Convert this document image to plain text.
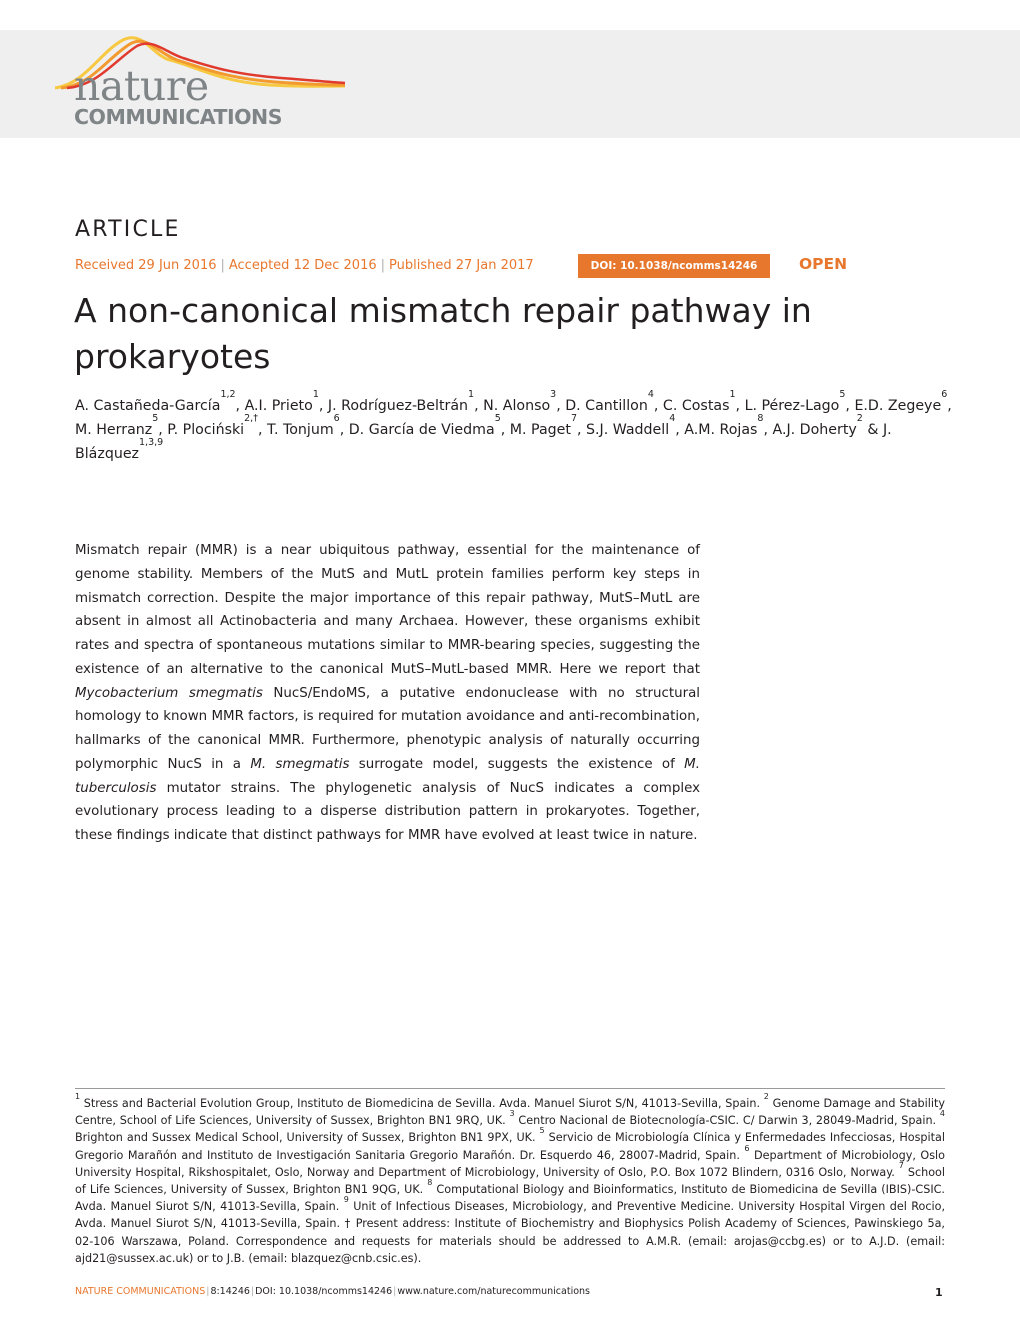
nature
COMMUNICATIONS
ARTICLE
Received 29 Jun 2016 | Accepted 12 Dec 2016 | Published 27 Jan 2017	DOI: 10.1038/ncomms14246	OPEN
A non-canonical mismatch repair pathway in prokaryotes
A. Castañeda-García$^{1,2}$, A.I. Prieto$^1$, J. Rodríguez-Beltrán$^1$, N. Alonso$^3$, D. Cantillon$^4$, C. Costas$^1$, L. Pérez-Lago$^5$, E.D. Zegeye$^6$, M. Herranz$^5$, P. Plociński$^{2,\dagger}$, T. Tonjum$^6$, D. García de Viedma$^5$, M. Paget$^7$, S.J. Waddell$^4$, A.M. Rojas$^8$, A.J. Doherty$^2$ & J. Blázquez$^{1,3,9}$

Mismatch repair (MMR) is a near ubiquitous pathway, essential for the maintenance of genome stability. Members of the MutS and MutL protein families perform key steps in mismatch correction. Despite the major importance of this repair pathway, MutS–MutL are absent in almost all Actinobacteria and many Archaea. However, these organisms exhibit rates and spectra of spontaneous mutations similar to MMR-bearing species, suggesting the existence of an alternative to the canonical MutS–MutL-based MMR. Here we report that Mycobacterium smegmatis NucS/EndoMS, a putative endonuclease with no structural homology to known MMR factors, is required for mutation avoidance and anti-recombination, hallmarks of the canonical MMR. Furthermore, phenotypic analysis of naturally occurring polymorphic NucS in a M. smegmatis surrogate model, suggests the existence of M. tuberculosis mutator strains. The phylogenetic analysis of NucS indicates a complex evolutionary process leading to a disperse distribution pattern in prokaryotes. Together, these findings indicate that distinct pathways for MMR have evolved at least twice in nature.

$^1$ Stress and Bacterial Evolution Group, Instituto de Biomedicina de Sevilla. Avda. Manuel Siurot S/N, 41013-Sevilla, Spain. $^2$ Genome Damage and Stability Centre, School of Life Sciences, University of Sussex, Brighton BN1 9RQ, UK. $^3$ Centro Nacional de Biotecnología-CSIC. C/ Darwin 3, 28049-Madrid, Spain. $^4$ Brighton and Sussex Medical School, University of Sussex, Brighton BN1 9PX, UK. $^5$ Servicio de Microbiología Clínica y Enfermedades Infecciosas, Hospital Gregorio Marañón and Instituto de Investigación Sanitaria Gregorio Marañón. Dr. Esquerdo 46, 28007-Madrid, Spain. $^6$ Department of Microbiology, Oslo University Hospital, Rikshospitalet, Oslo, Norway and Department of Microbiology, University of Oslo, P.O. Box 1072 Blindern, 0316 Oslo, Norway. $^7$ School of Life Sciences, University of Sussex, Brighton BN1 9QG, UK. $^8$ Computational Biology and Bioinformatics, Instituto de Biomedicina de Sevilla (IBIS)-CSIC. Avda. Manuel Siurot S/N, 41013-Sevilla, Spain. $^9$ Unit of Infectious Diseases, Microbiology, and Preventive Medicine. University Hospital Virgen del Rocio, Avda. Manuel Siurot S/N, 41013-Sevilla, Spain. † Present address: Institute of Biochemistry and Biophysics Polish Academy of Sciences, Pawinskiego 5a, 02-106 Warszawa, Poland. Correspondence and requests for materials should be addressed to A.M.R. (email: arojas@ccbg.es) or to A.J.D. (email: ajd21@sussex.ac.uk) or to J.B. (email: blazquez@cnb.csic.es).

NATURE COMMUNICATIONS|8:14246|DOI: 10.1038/ncomms14246|www.nature.com/naturecommunications	1
